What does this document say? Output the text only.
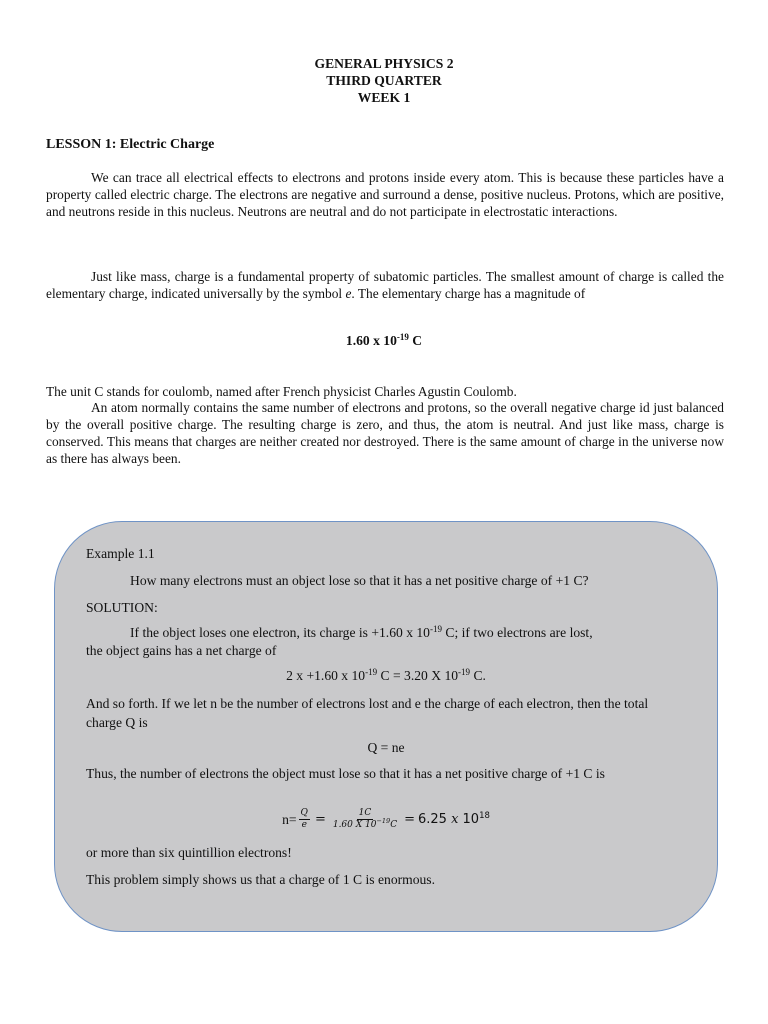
GENERAL PHYSICS 2
THIRD QUARTER
WEEK 1
LESSON 1: Electric Charge

We can trace all electrical effects to electrons and protons inside every atom. This is because these particles have a property called electric charge. The electrons are negative and surround a dense, positive nucleus. Protons, which are positive, and neutrons reside in this nucleus. Neutrons are neutral and do not participate in electrostatic interactions.

Just like mass, charge is a fundamental property of subatomic particles. The smallest amount of charge is called the elementary charge, indicated universally by the symbol e. The elementary charge has a magnitude of

1.60 x $10^{-19}$ C

The unit C stands for coulomb, named after French physicist Charles Agustin Coulomb.

An atom normally contains the same number of electrons and protons, so the overall negative charge id just balanced by the overall positive charge. The resulting charge is zero, and thus, the atom is neutral. And just like mass, charge is conserved. This means that charges are neither created nor destroyed. There is the same amount of charge in the universe now as there has always been.

Example 1.1
How many electrons must an object lose so that it has a net positive charge of +1 C?
SOLUTION:
If the object loses one electron, its charge is +1.60 x $10^{-19}$ C; if two electrons are lost,
the object gains has a net charge of
2 x +1.60 x $10^{-19}$ C = 3.20 X $10^{-19}$ C.
And so forth. If we let n be the number of electrons lost and e the charge of each electron, then the total charge Q is
Q = ne
Thus, the number of electrons the object must lose so that it has a net positive charge of +1 C is
$n= \frac{Q}{e} = \frac{1C}{1.60 X 10^{-19}C} = 6.25$ x $10^{18}$
or more than six quintillion electrons!
This problem simply shows us that a charge of 1 C is enormous.
